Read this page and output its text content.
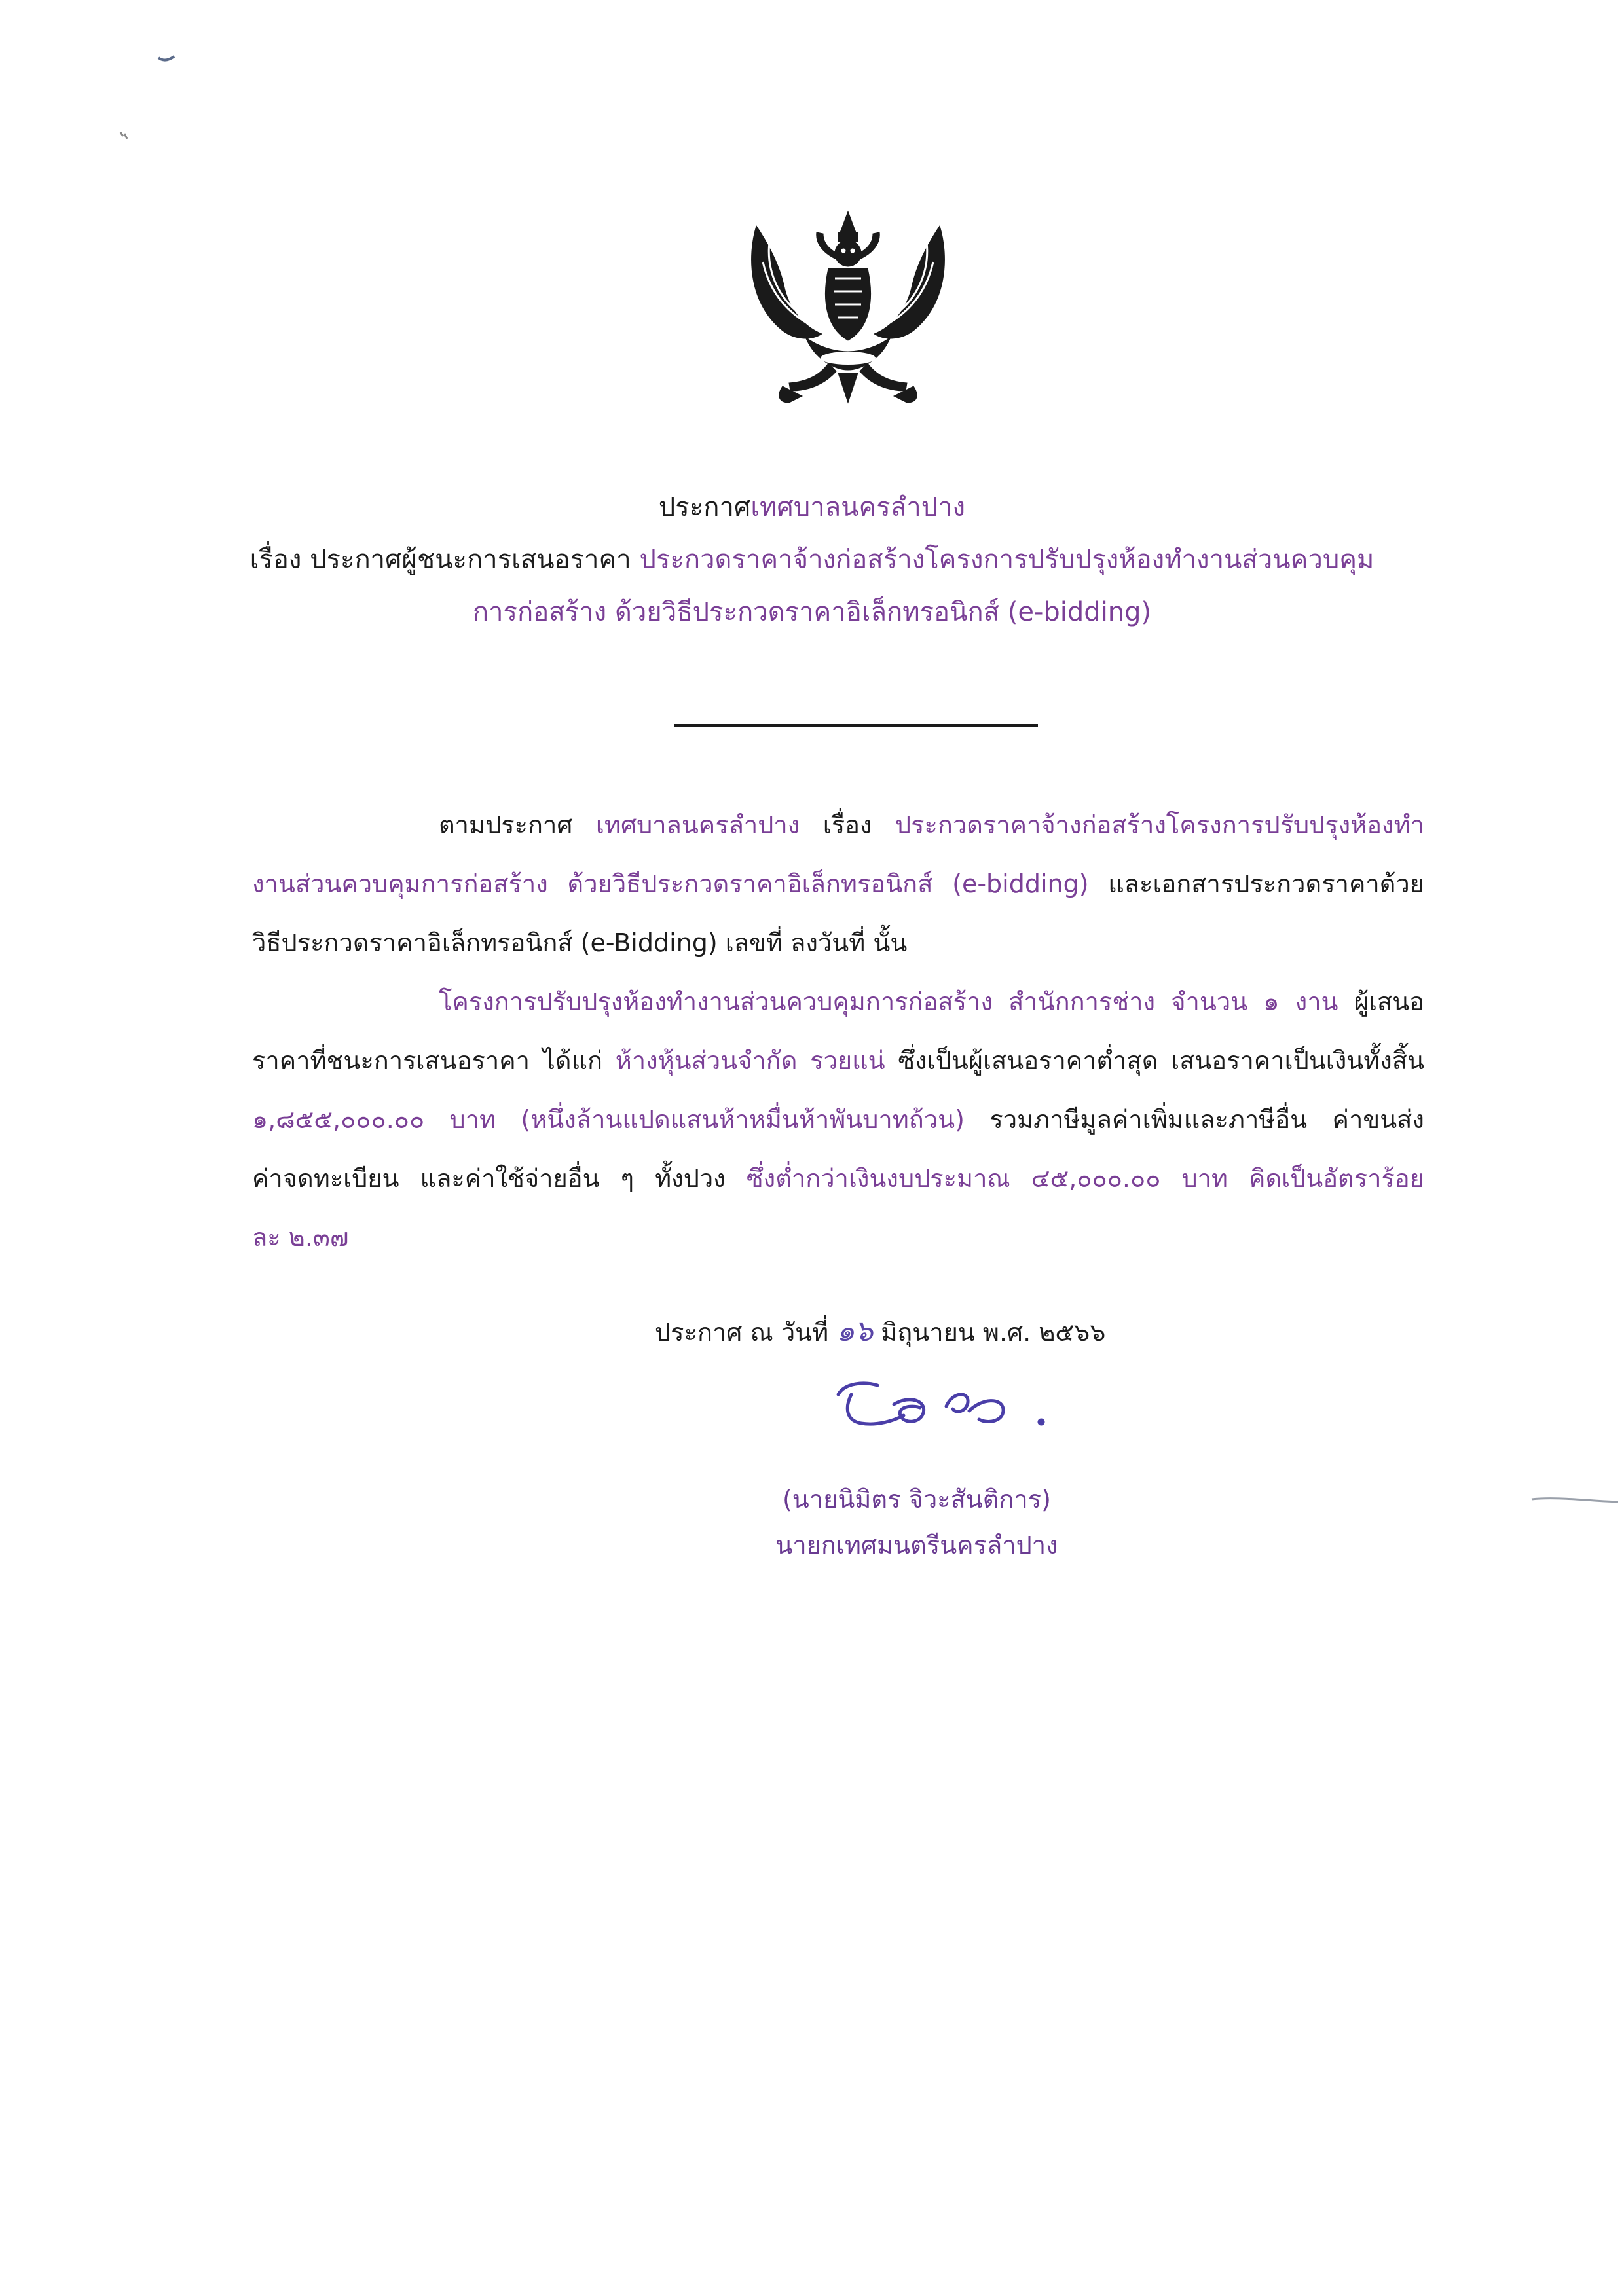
ประกาศเทศบาลนครลำปาง
เรื่อง ประกาศผู้ชนะการเสนอราคา ประกวดราคาจ้างก่อสร้างโครงการปรับปรุงห้องทำงานส่วนควบคุม
การก่อสร้าง ด้วยวิธีประกวดราคาอิเล็กทรอนิกส์ (e-bidding)
ตามประกาศ เทศบาลนครลำปาง เรื่อง ประกวดราคาจ้างก่อสร้างโครงการปรับปรุงห้องทำ
งานส่วนควบคุมการก่อสร้าง ด้วยวิธีประกวดราคาอิเล็กทรอนิกส์ (e-bidding) และเอกสารประกวดราคาด้วย
วิธีประกวดราคาอิเล็กทรอนิกส์ (e-Bidding) เลขที่ ลงวันที่ นั้น
โครงการปรับปรุงห้องทำงานส่วนควบคุมการก่อสร้าง สำนักการช่าง จำนวน ๑ งาน ผู้เสนอ
ราคาที่ชนะการเสนอราคา ได้แก่ ห้างหุ้นส่วนจำกัด รวยแน่ ซึ่งเป็นผู้เสนอราคาต่ำสุด เสนอราคาเป็นเงินทั้งสิ้น
๑,๘๕๕,๐๐๐.๐๐ บาท (หนึ่งล้านแปดแสนห้าหมื่นห้าพันบาทถ้วน) รวมภาษีมูลค่าเพิ่มและภาษีอื่น ค่าขนส่ง
ค่าจดทะเบียน และค่าใช้จ่ายอื่น ๆ ทั้งปวง ซึ่งต่ำกว่าเงินงบประมาณ ๔๕,๐๐๐.๐๐ บาท คิดเป็นอัตราร้อย
ละ ๒.๓๗
ประกาศ ณ วันที่ ๑๖ มิถุนายน พ.ศ. ๒๕๖๖
(นายนิมิตร จิวะสันติการ)
นายกเทศมนตรีนครลำปาง
